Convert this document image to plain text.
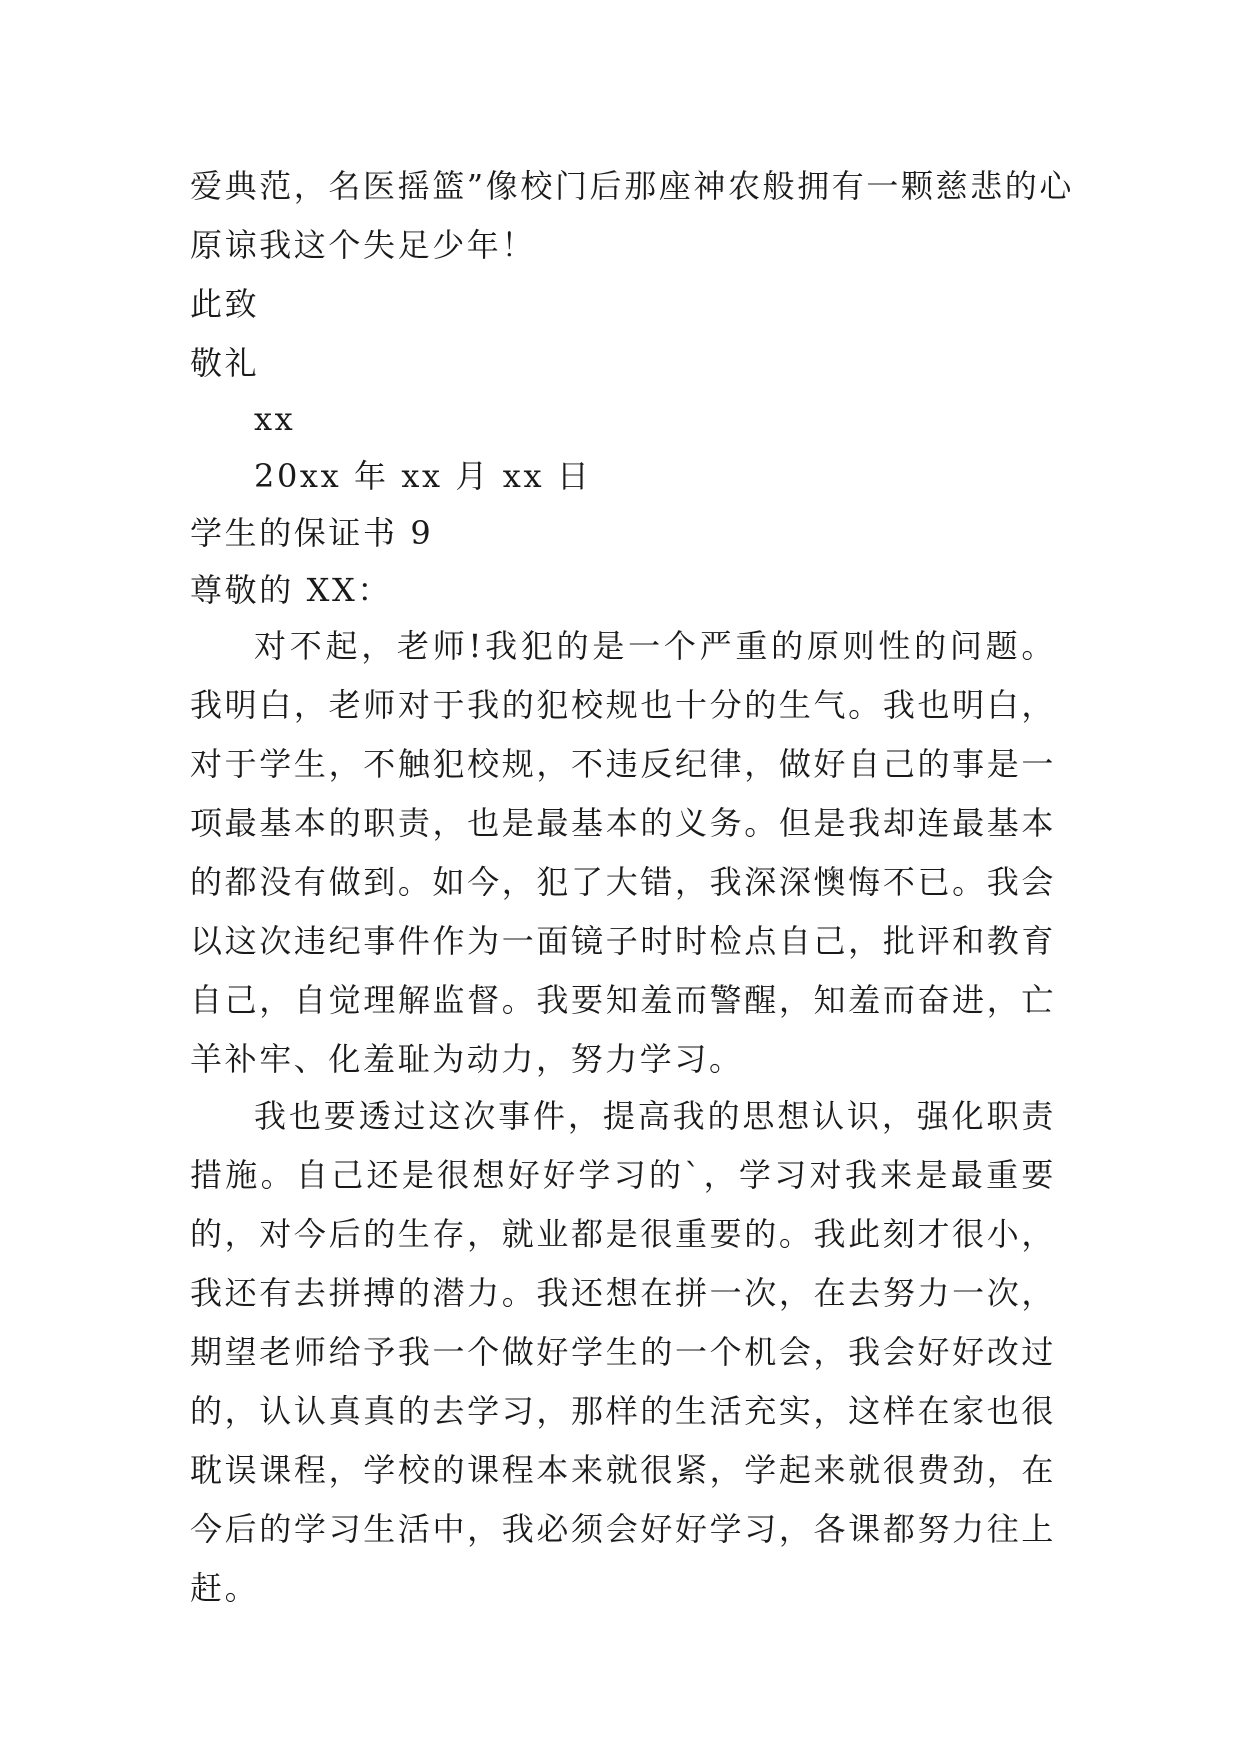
爱典范，名医摇篮”像校门后那座神农般拥有一颗慈悲的心
原谅我这个失足少年！
此致
敬礼
xx
20xx 年 xx 月 xx 日
学生的保证书 9
尊敬的 XX：

对不起，老师!我犯的是一个严重的原则性的问题。我明白，老师对于我的犯校规也十分的生气。我也明白，对于学生，不触犯校规，不违反纪律，做好自己的事是一项最基本的职责，也是最基本的义务。但是我却连最基本的都没有做到。如今，犯了大错，我深深懊悔不已。我会以这次违纪事件作为一面镜子时时检点自己，批评和教育自己，自觉理解监督。我要知羞而警醒，知羞而奋进，亡羊补牢、化羞耻为动力，努力学习。

我也要透过这次事件，提高我的思想认识，强化职责措施。自己还是很想好好学习的`，学习对我来是最重要的，对今后的生存，就业都是很重要的。我此刻才很小，我还有去拼搏的潜力。我还想在拼一次，在去努力一次，期望老师给予我一个做好学生的一个机会，我会好好改过的，认认真真的去学习，那样的生活充实，这样在家也很耽误课程，学校的课程本来就很紧，学起来就很费劲，在今后的学习生活中，我必须会好好学习，各课都努力往上赶。
